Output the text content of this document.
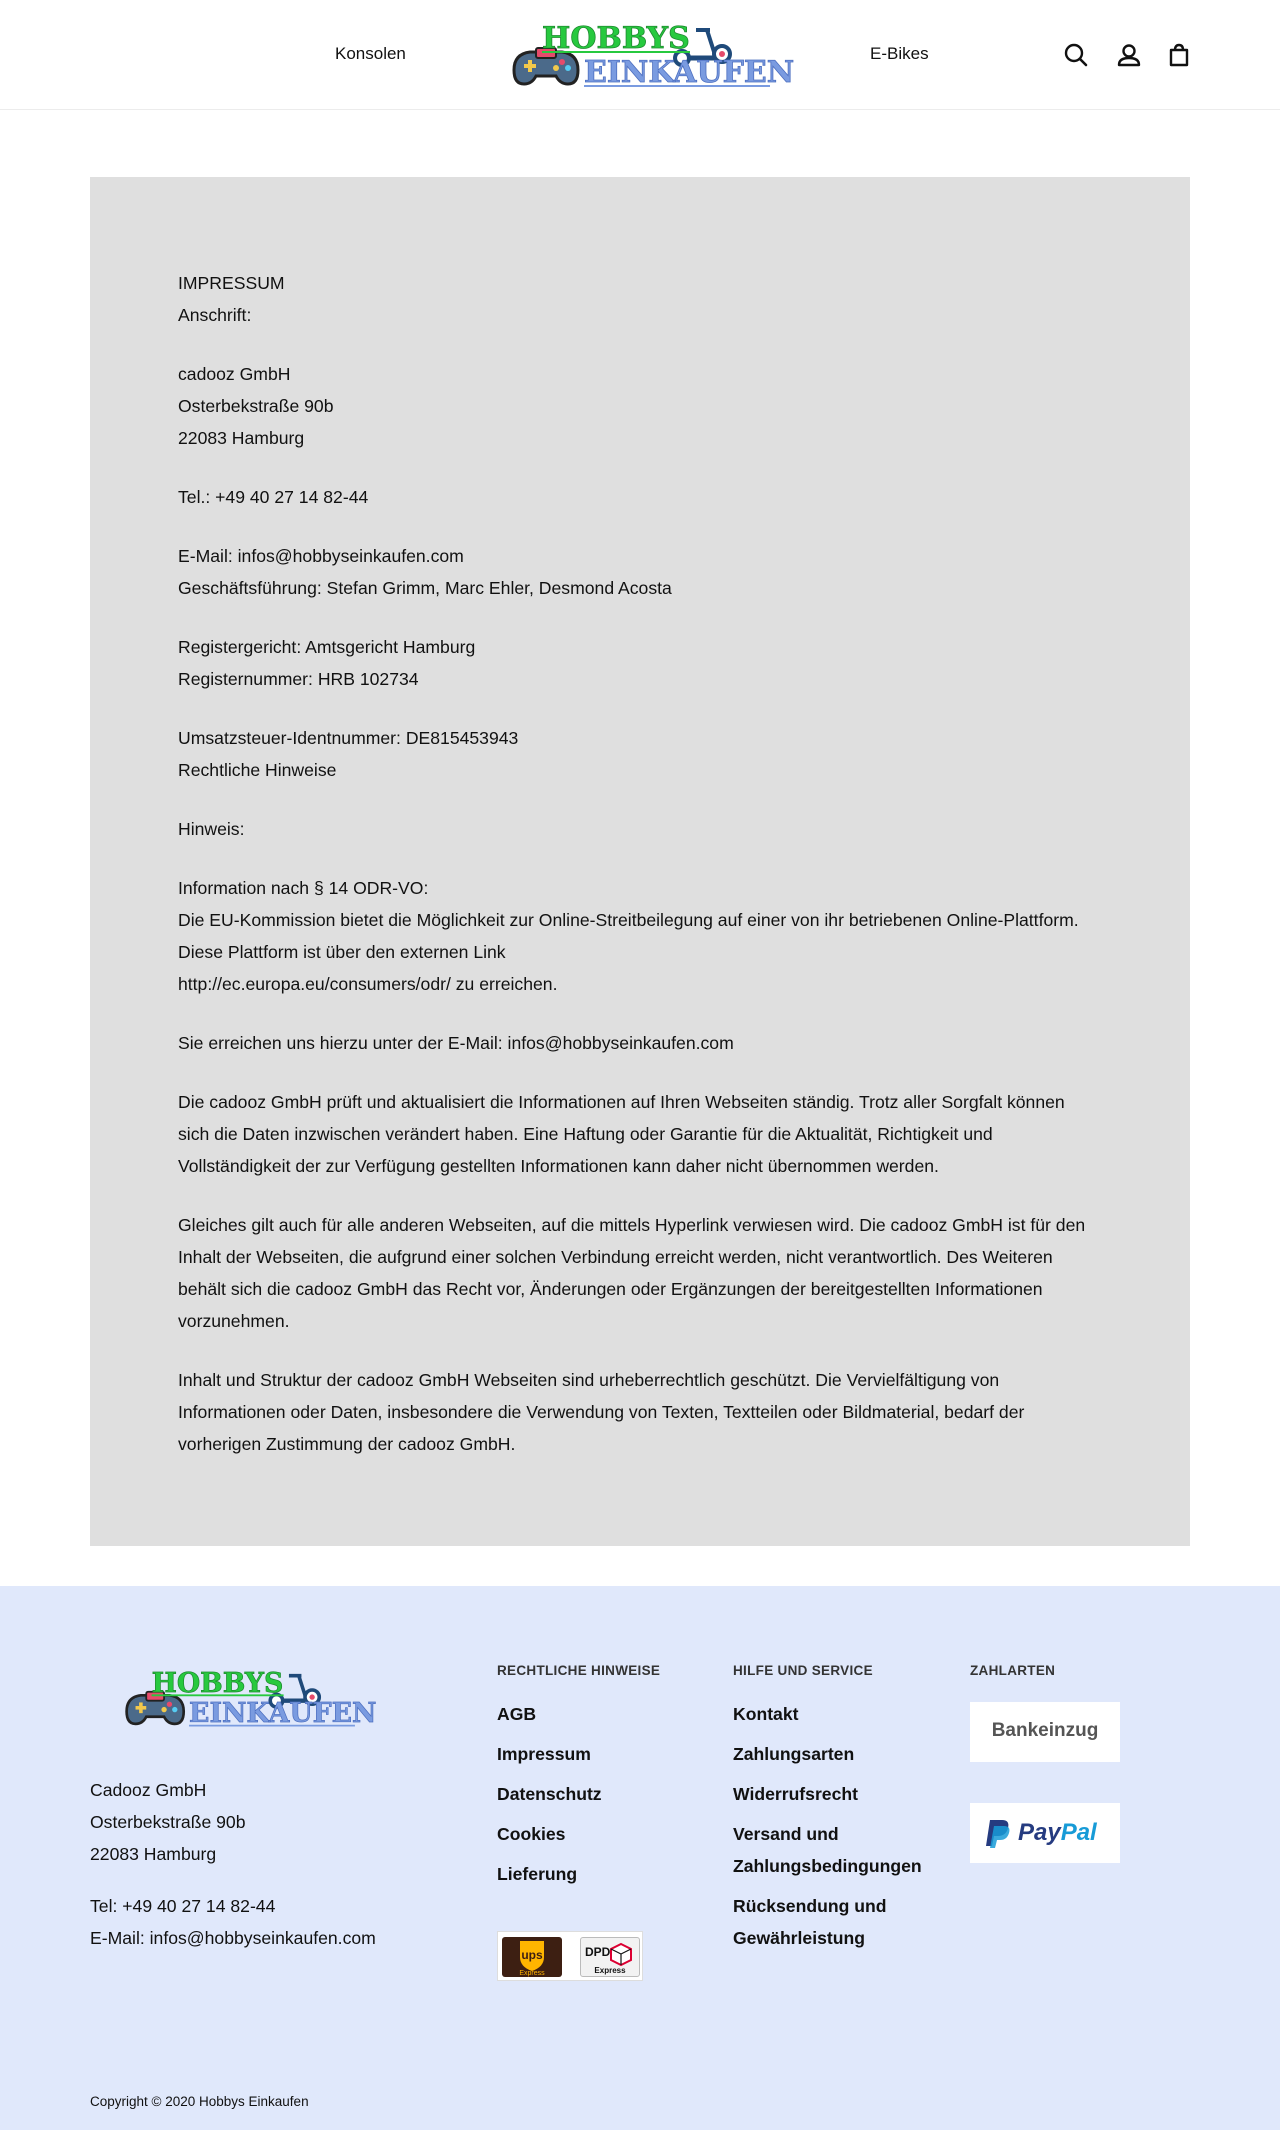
Konsolen	HOBBYS
EINKAUFEN
E-Bikes
IMPRESSUM
Anschrift:
cadooz GmbH
Osterbekstraße 90b
22083 Hamburg
Tel.: +49 40 27 14 82-44
E-Mail: infos@hobbyseinkaufen.com
Geschäftsführung: Stefan Grimm, Marc Ehler, Desmond Acosta
Registergericht: Amtsgericht Hamburg
Registernummer: HRB 102734
Umsatzsteuer-Identnummer: DE815453943
Rechtliche Hinweise
Hinweis:
Information nach § 14 ODR-VO:
Die EU-Kommission bietet die Möglichkeit zur Online-Streitbeilegung auf einer von ihr betriebenen Online-Plattform.
Diese Plattform ist über den externen Link
http://ec.europa.eu/consumers/odr/ zu erreichen.
Sie erreichen uns hierzu unter der E-Mail: infos@hobbyseinkaufen.com
Die cadooz GmbH prüft und aktualisiert die Informationen auf Ihren Webseiten ständig. Trotz aller Sorgfalt können
sich die Daten inzwischen verändert haben. Eine Haftung oder Garantie für die Aktualität, Richtigkeit und
Vollständigkeit der zur Verfügung gestellten Informationen kann daher nicht übernommen werden.
Gleiches gilt auch für alle anderen Webseiten, auf die mittels Hyperlink verwiesen wird. Die cadooz GmbH ist für den
Inhalt der Webseiten, die aufgrund einer solchen Verbindung erreicht werden, nicht verantwortlich. Des Weiteren
behält sich die cadooz GmbH das Recht vor, Änderungen oder Ergänzungen der bereitgestellten Informationen
vorzunehmen.
Inhalt und Struktur der cadooz GmbH Webseiten sind urheberrechtlich geschützt. Die Vervielfältigung von
Informationen oder Daten, insbesondere die Verwendung von Texten, Textteilen oder Bildmaterial, bedarf der
vorherigen Zustimmung der cadooz GmbH.
HOBBYS
EINKAUFEN
Cadooz GmbH
Osterbekstraße 90b
22083 Hamburg
Tel: +49 40 27 14 82-44
E-Mail: infos@hobbyseinkaufen.com
RECHTLICHE HINWEISE
AGB
Impressum
Datenschutz
Cookies
Lieferung
ups
Express
DPD
Express
HILFE UND SERVICE
Kontakt
Zahlungsarten
Widerrufsrecht
Versand und
Zahlungsbedingungen
Rücksendung und
Gewährleistung
ZAHLARTEN
Bankeinzug
PayPal
Copyright © 2020 Hobbys Einkaufen
